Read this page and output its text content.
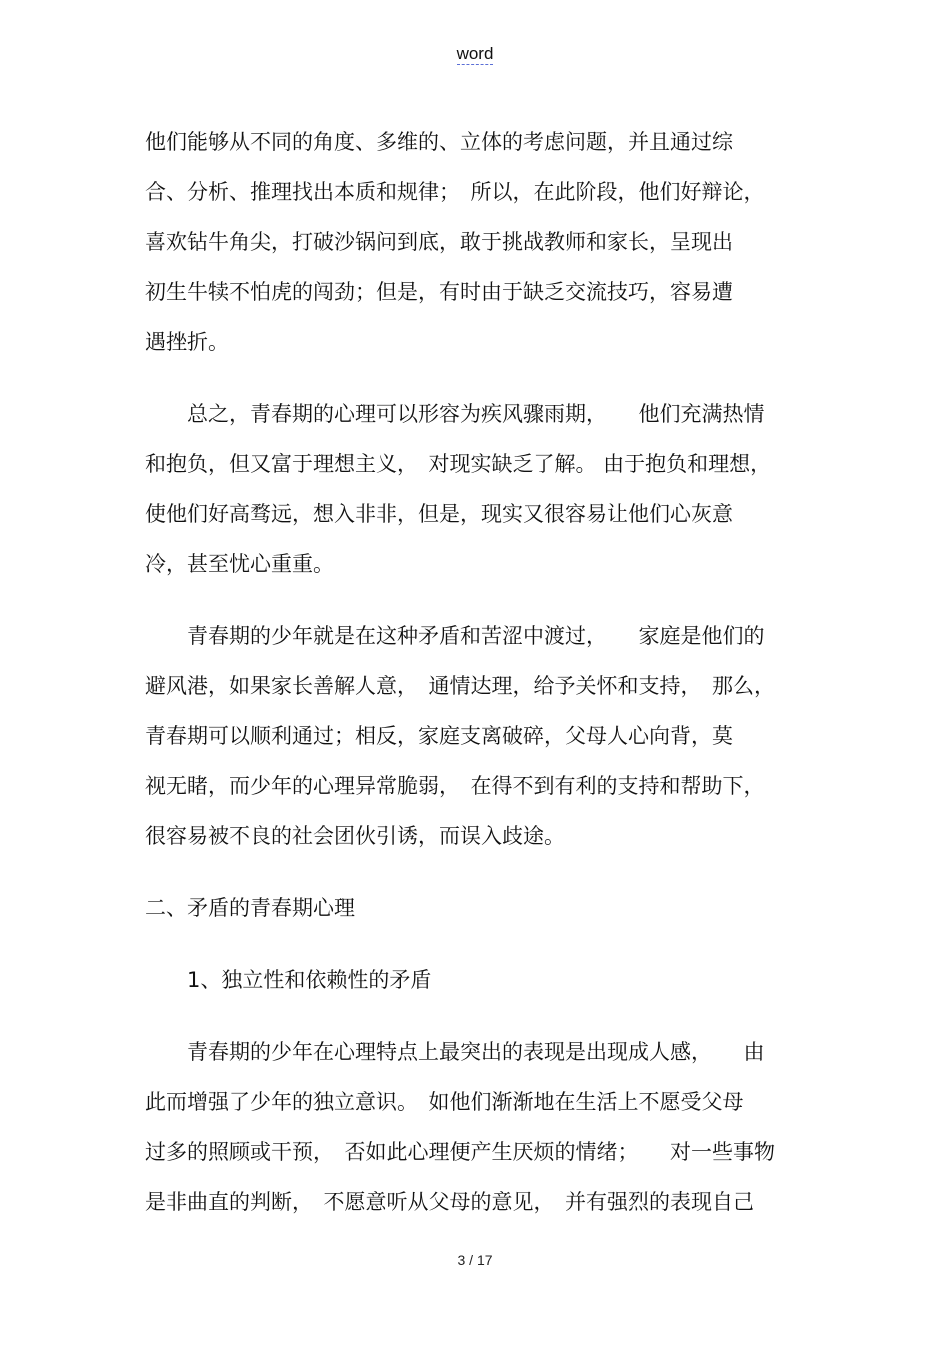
word
他们能够从不同的角度、多维的、立体的考虑问题，并且通过综
合、分析、推理找出本质和规律；　所以，在此阶段，他们好辩论，
喜欢钻牛角尖，打破沙锅问到底，敢于挑战教师和家长，呈现出
初生牛犊不怕虎的闯劲；但是，有时由于缺乏交流技巧，容易遭
遇挫折。
　　总之，青春期的心理可以形容为疾风骤雨期，　　他们充满热情
和抱负，但又富于理想主义，　对现实缺乏了解。 由于抱负和理想，
使他们好高骛远，想入非非，但是，现实又很容易让他们心灰意
冷，甚至忧心重重。
　　青春期的少年就是在这种矛盾和苦涩中渡过，　　家庭是他们的
避风港，如果家长善解人意，　通情达理，给予关怀和支持，　那么，
青春期可以顺利通过；相反，家庭支离破碎，父母人心向背，莫
视无睹，而少年的心理异常脆弱，　在得不到有利的支持和帮助下，
很容易被不良的社会团伙引诱，而误入歧途。
二、矛盾的青春期心理
　　1、独立性和依赖性的矛盾
　　青春期的少年在心理特点上最突出的表现是出现成人感，　　由
此而增强了少年的独立意识。　如他们渐渐地在生活上不愿受父母
过多的照顾或干预，　否如此心理便产生厌烦的情绪；　　对一些事物
是非曲直的判断，　不愿意听从父母的意见，　并有强烈的表现自己
3 / 17
